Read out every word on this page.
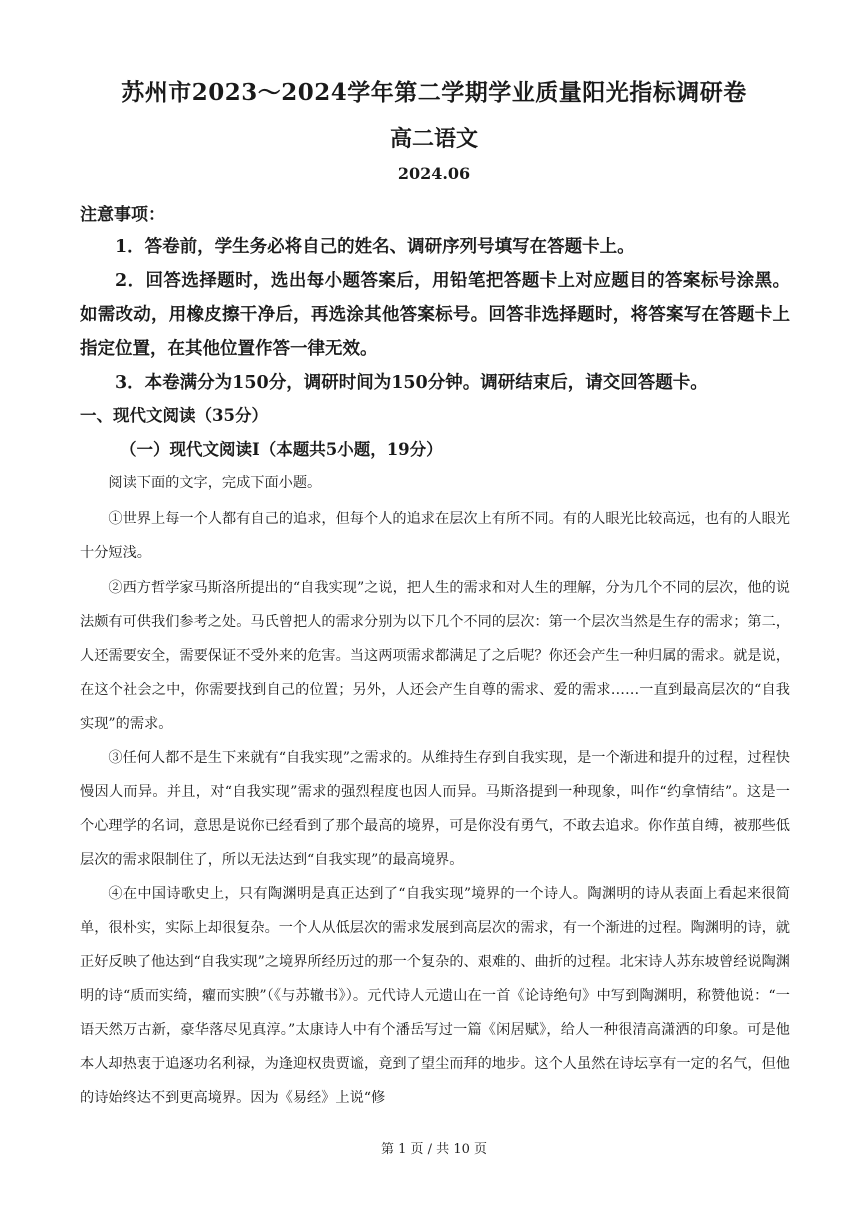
苏州市2023～2024学年第二学期学业质量阳光指标调研卷
高二语文
2024.06
注意事项：
1．答卷前，学生务必将自己的姓名、调研序列号填写在答题卡上。
2．回答选择题时，选出每小题答案后，用铅笔把答题卡上对应题目的答案标号涂黑。如需改动，用橡皮擦干净后，再选涂其他答案标号。回答非选择题时，将答案写在答题卡上指定位置，在其他位置作答一律无效。
3．本卷满分为150分，调研时间为150分钟。调研结束后，请交回答题卡。
一、现代文阅读（35分）
（一）现代文阅读Ⅰ（本题共5小题，19分）
阅读下面的文字，完成下面小题。
①世界上每一个人都有自己的追求，但每个人的追求在层次上有所不同。有的人眼光比较高远，也有的人眼光十分短浅。
②西方哲学家马斯洛所提出的“自我实现”之说，把人生的需求和对人生的理解，分为几个不同的层次，他的说法颇有可供我们参考之处。马氏曾把人的需求分别为以下几个不同的层次：第一个层次当然是生存的需求；第二，人还需要安全，需要保证不受外来的危害。当这两项需求都满足了之后呢？你还会产生一种归属的需求。就是说，在这个社会之中，你需要找到自己的位置；另外，人还会产生自尊的需求、爱的需求……一直到最高层次的“自我实现”的需求。
③任何人都不是生下来就有“自我实现”之需求的。从维持生存到自我实现，是一个渐进和提升的过程，过程快慢因人而异。并且，对“自我实现”需求的强烈程度也因人而异。马斯洛提到一种现象，叫作“约拿情结”。这是一个心理学的名词，意思是说你已经看到了那个最高的境界，可是你没有勇气，不敢去追求。你作茧自缚，被那些低层次的需求限制住了，所以无法达到“自我实现”的最高境界。
④在中国诗歌史上，只有陶渊明是真正达到了“自我实现”境界的一个诗人。陶渊明的诗从表面上看起来很简单，很朴实，实际上却很复杂。一个人从低层次的需求发展到高层次的需求，有一个渐进的过程。陶渊明的诗，就正好反映了他达到“自我实现”之境界所经历过的那一个复杂的、艰难的、曲折的过程。北宋诗人苏东坡曾经说陶渊明的诗“质而实绮，癯而实腴”（《与苏辙书》）。元代诗人元遗山在一首《论诗绝句》中写到陶渊明，称赞他说：“一语天然万古新，豪华落尽见真淳。”太康诗人中有个潘岳写过一篇《闲居赋》，给人一种很清高潇洒的印象。可是他本人却热衷于追逐功名利禄，为逢迎权贵贾谧，竟到了望尘而拜的地步。这个人虽然在诗坛享有一定的名气，但他的诗始终达不到更高境界。因为《易经》上说“修
第 1 页 / 共 10 页
